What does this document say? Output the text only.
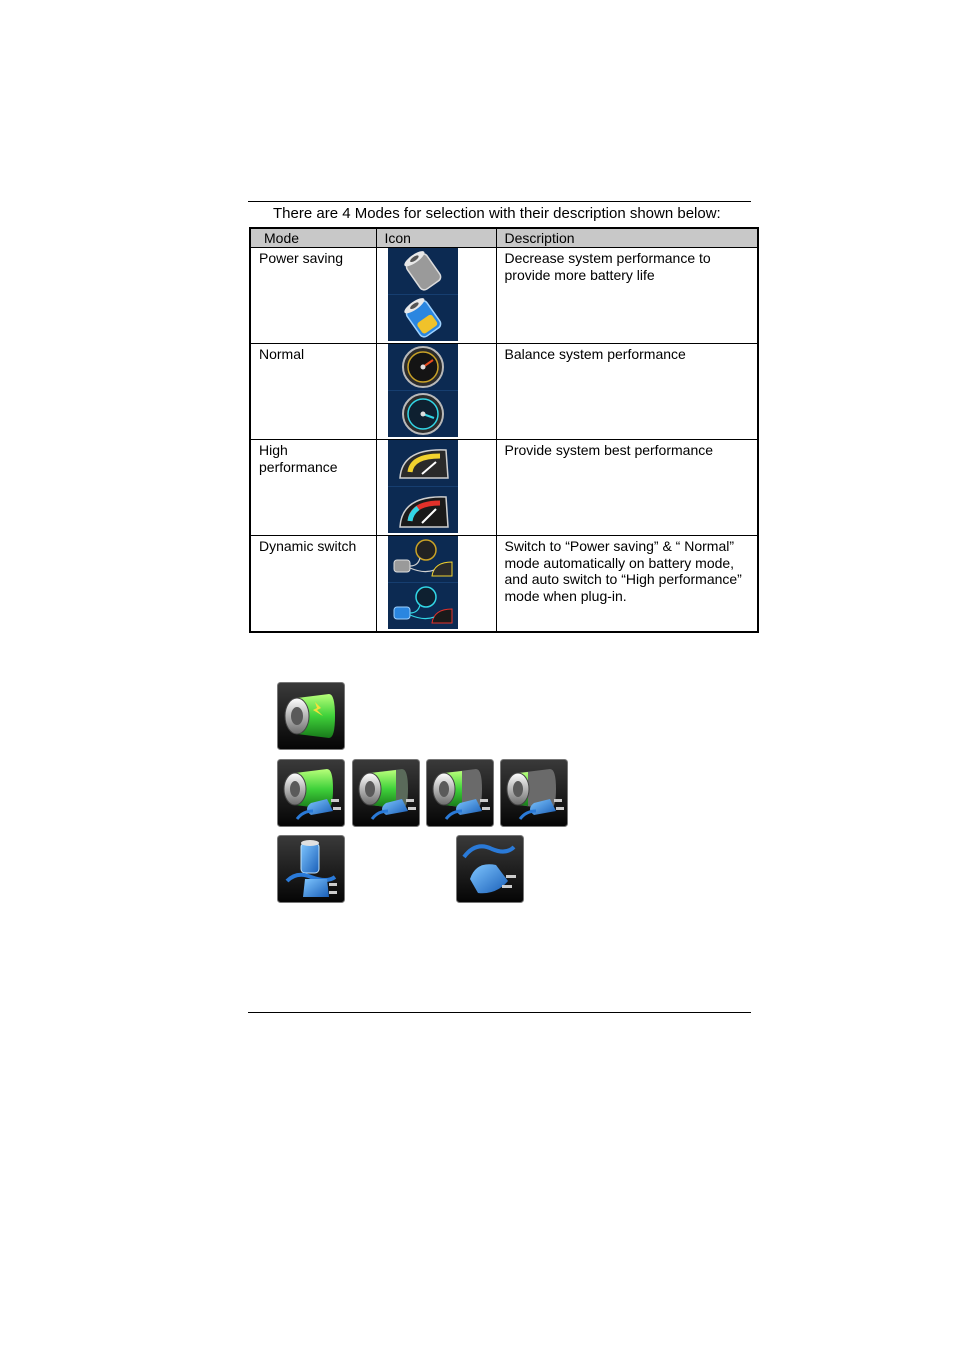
There are 4 Modes for selection with their description shown below:
Mode	Icon	Description
Power saving		Decrease system performance to provide more battery life
Normal		Balance system performance
High performance		Provide system best performance
Dynamic switch		Switch to “Power saving” & “ Normal” mode automatically on battery mode, and auto switch to “High performance” mode when plug-in.
